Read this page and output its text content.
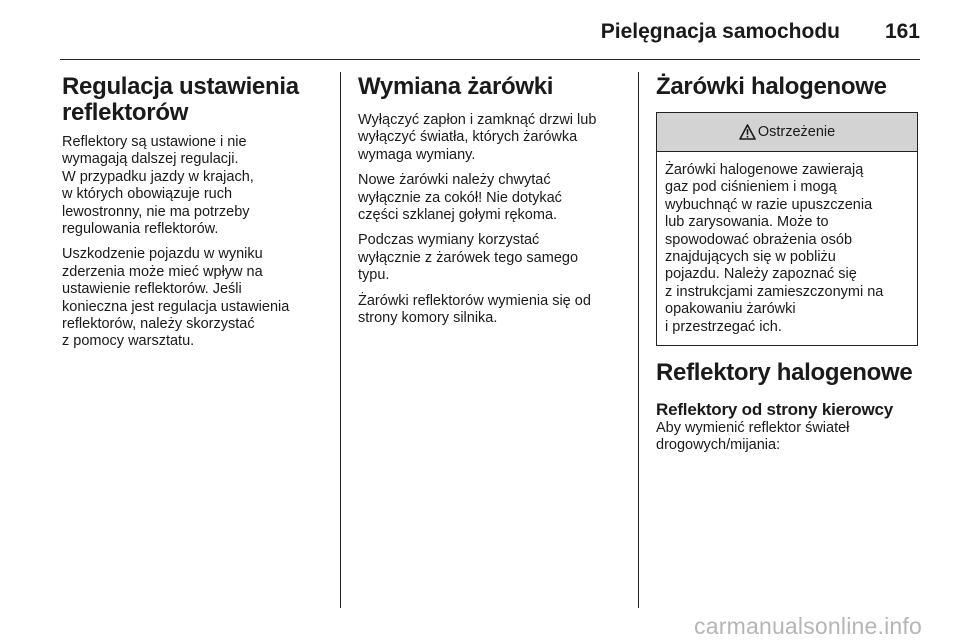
Pielęgnacja samochodu 161
Regulacja ustawienia
reflektorów

Reflektory są ustawione i nie
wymagają dalszej regulacji.
W przypadku jazdy w krajach,
w których obowiązuje ruch
lewostronny, nie ma potrzeby
regulowania reflektorów.

Uszkodzenie pojazdu w wyniku
zderzenia może mieć wpływ na
ustawienie reflektorów. Jeśli
konieczna jest regulacja ustawienia
reflektorów, należy skorzystać
z pomocy warsztatu.

Wymiana żarówki

Wyłączyć zapłon i zamknąć drzwi lub
wyłączyć światła, których żarówka
wymaga wymiany.

Nowe żarówki należy chwytać
wyłącznie za cokół! Nie dotykać
części szklanej gołymi rękoma.

Podczas wymiany korzystać
wyłącznie z żarówek tego samego
typu.

Żarówki reflektorów wymienia się od
strony komory silnika.

Żarówki halogenowe
Ostrzeżenie

Żarówki halogenowe zawierają
gaz pod ciśnieniem i mogą
wybuchnąć w razie upuszczenia
lub zarysowania. Może to
spowodować obrażenia osób
znajdujących się w pobliżu
pojazdu. Należy zapoznać się
z instrukcjami zamieszczonymi na
opakowaniu żarówki
i przestrzegać ich.

Reflektory halogenowe
Reflektory od strony kierowcy

Aby wymienić reflektor świateł
drogowych/mijania:

carmanualsonline.info
